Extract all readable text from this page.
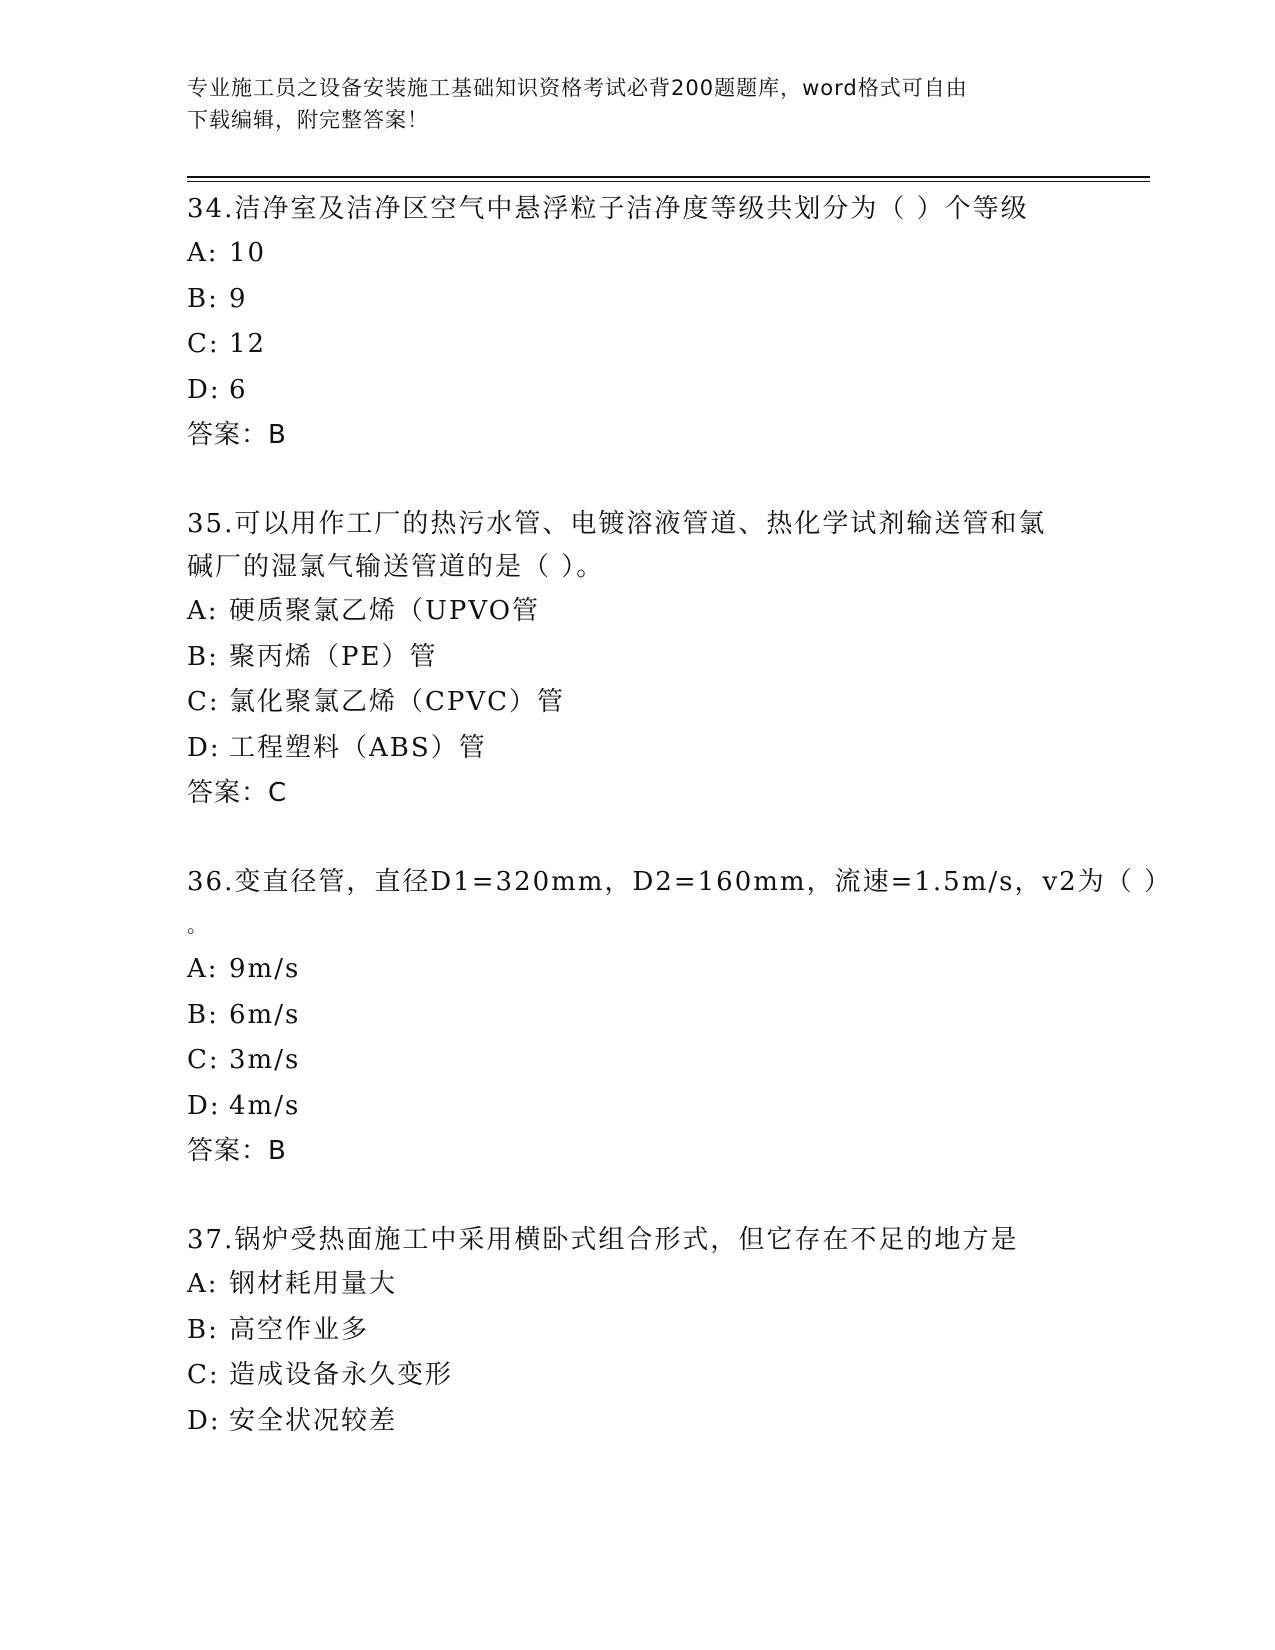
专业施工员之设备安装施工基础知识资格考试必背200题题库，word格式可自由
下载编辑，附完整答案！
34.洁净室及洁净区空气中悬浮粒子洁净度等级共划分为（ ）个等级
A: 10
B: 9
C: 12
D: 6
答案：B
35.可以用作工厂的热污水管、电镀溶液管道、热化学试剂输送管和氯
碱厂的湿氯气输送管道的是（ ）。
A: 硬质聚氯乙烯（UPVO管
B: 聚丙烯（PE）管
C: 氯化聚氯乙烯（CPVC）管
D: 工程塑料（ABS）管
答案：C
36.变直径管，直径D1=320mm，D2=160mm，流速=1.5m/s，v2为（ ）
。
A: 9m/s
B: 6m/s
C: 3m/s
D: 4m/s
答案：B
37.锅炉受热面施工中采用横卧式组合形式，但它存在不足的地方是
A: 钢材耗用量大
B: 高空作业多
C: 造成设备永久变形
D: 安全状况较差
